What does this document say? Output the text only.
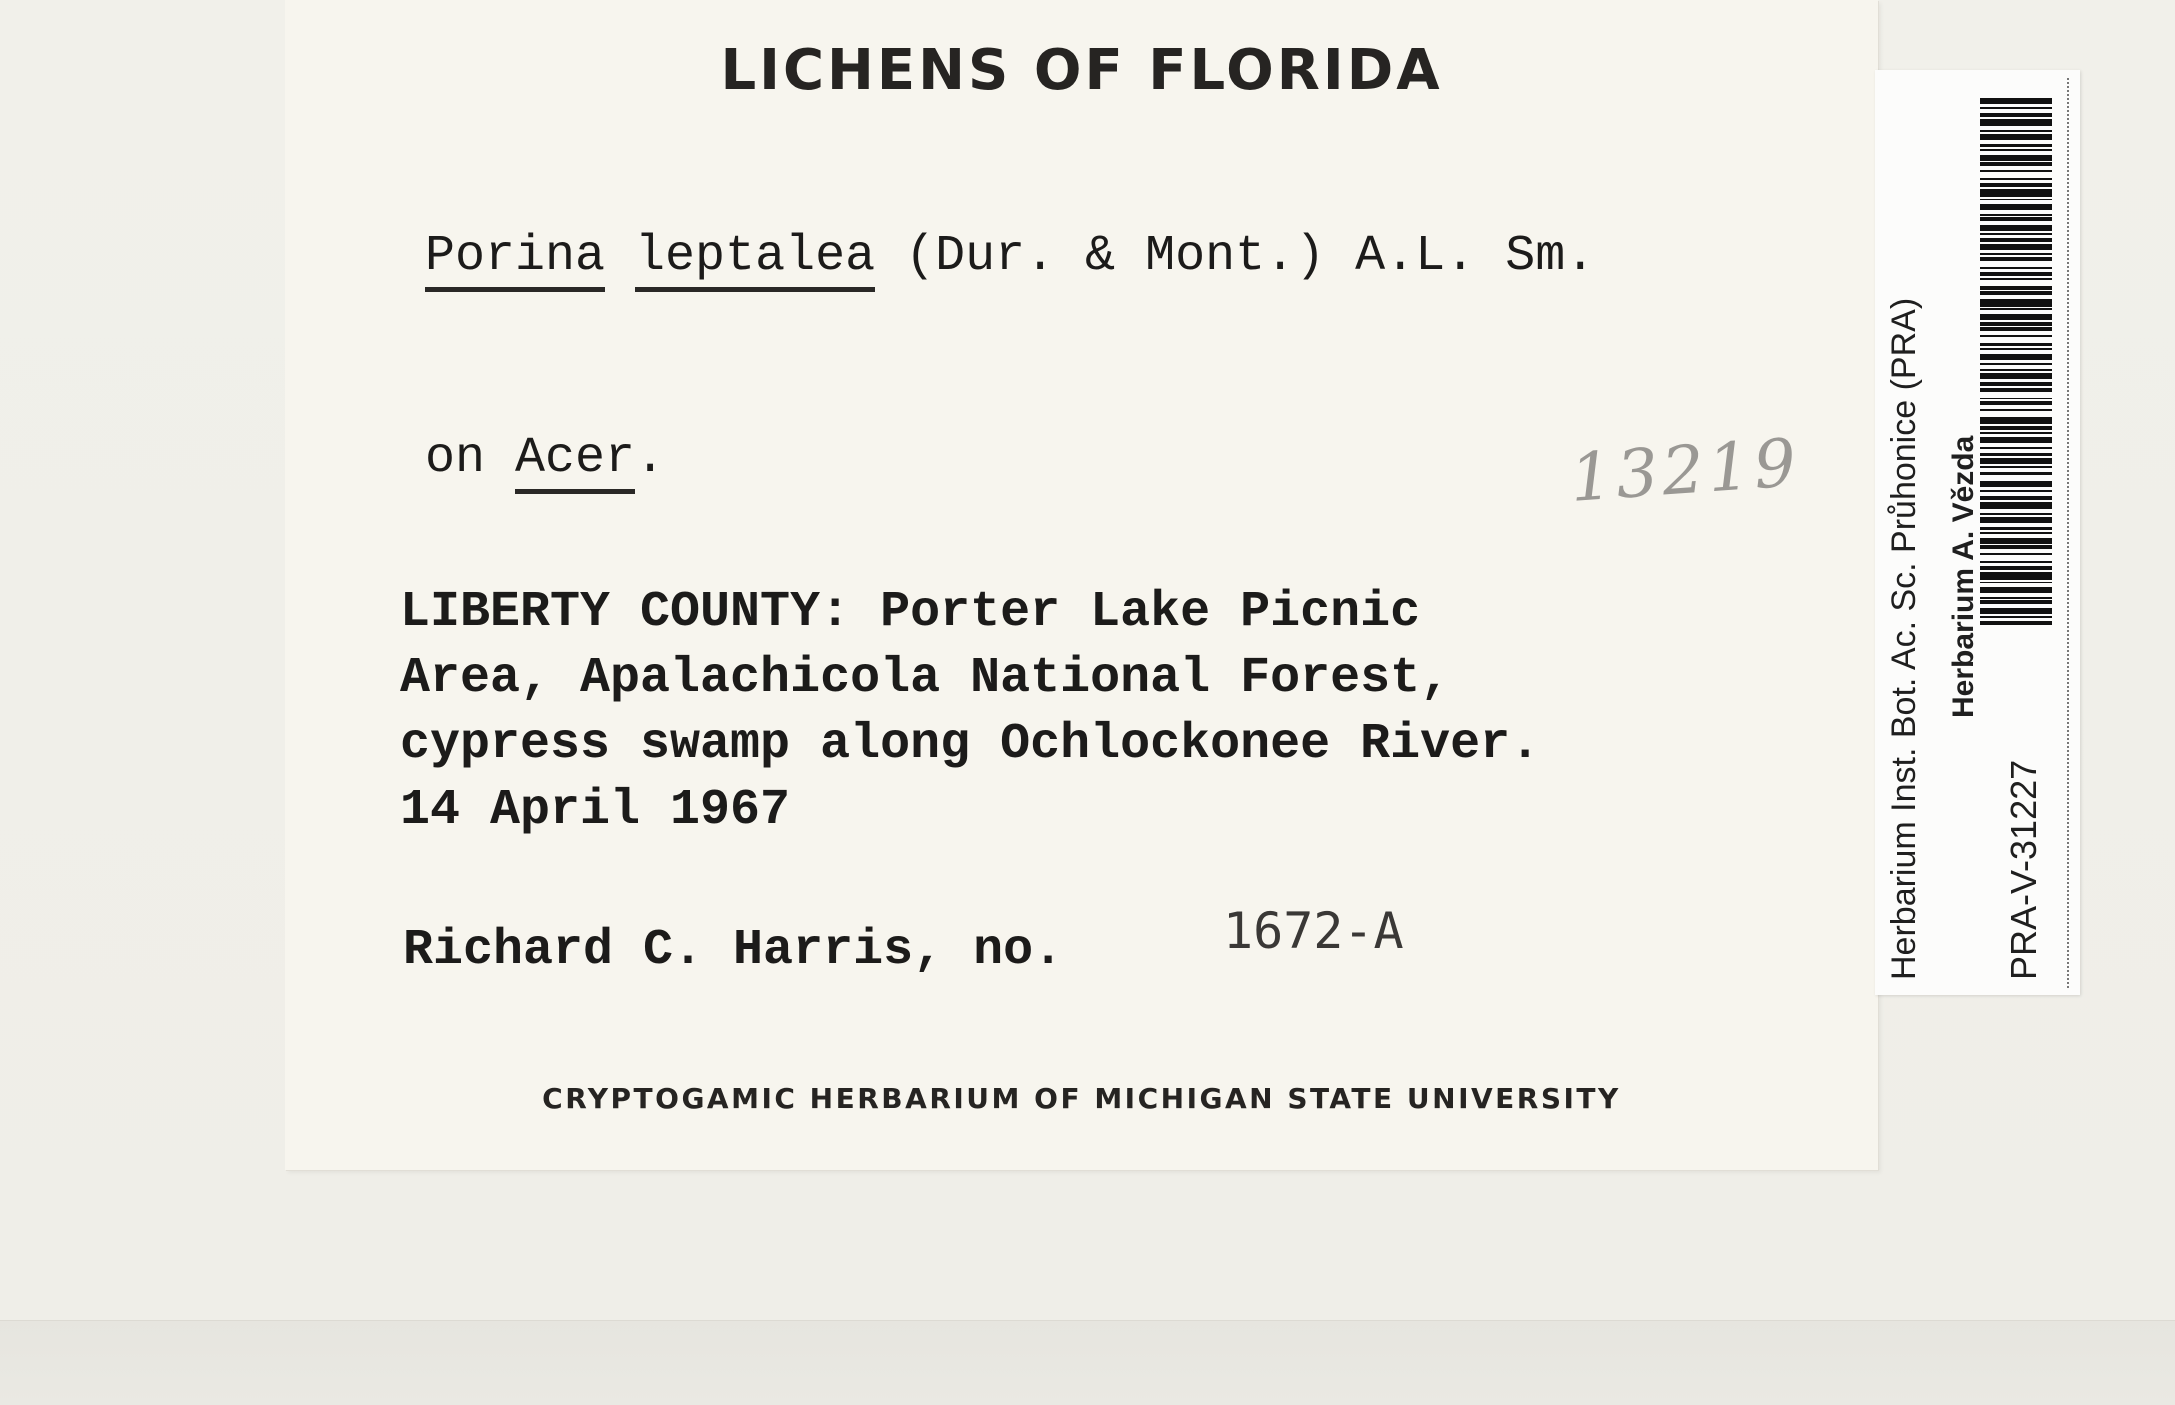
LICHENS OF FLORIDA
Porina leptalea (Dur. & Mont.) A.L. Sm.
on Acer.	13219
LIBERTY COUNTY: Porter Lake Picnic
Area, Apalachicola National Forest,
cypress swamp along Ochlockonee River.
14 April 1967
Richard C. Harris, no.	1672-A
CRYPTOGAMIC HERBARIUM OF MICHIGAN STATE UNIVERSITY
Herbarium Inst. Bot. Ac. Sc. Průhonice (PRA) Herbarium A. Vězda
PRA-V-31227
